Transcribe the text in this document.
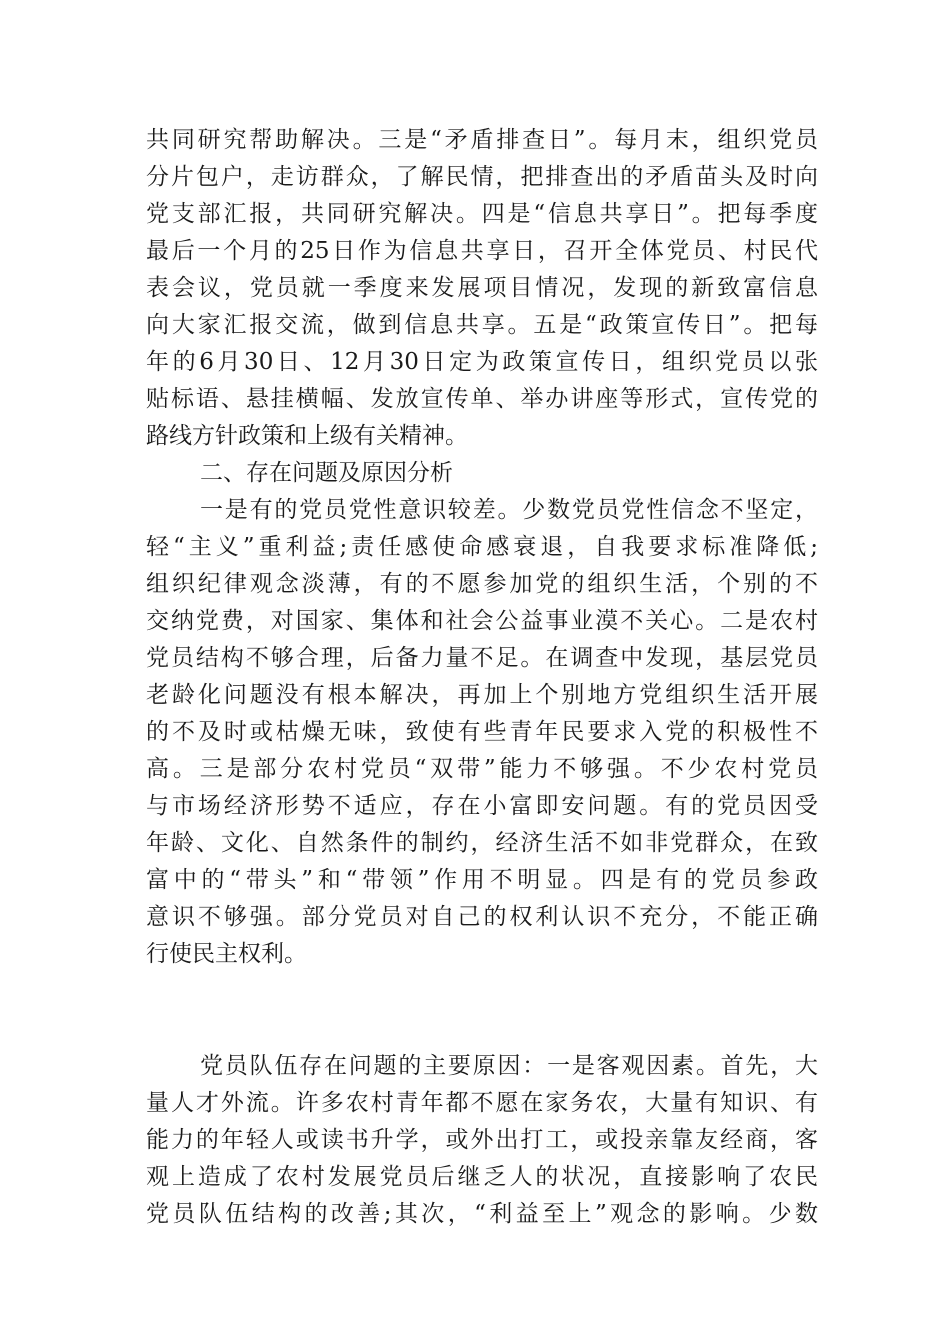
共同研究帮助解决。三是“矛盾排查日”。每月末，组织党员
分片包户，走访群众，了解民情，把排查出的矛盾苗头及时向
党支部汇报，共同研究解决。四是“信息共享日”。把每季度
最后一个月的25日作为信息共享日，召开全体党员、村民代
表会议，党员就一季度来发展项目情况，发现的新致富信息
向大家汇报交流，做到信息共享。五是“政策宣传日”。把每
年的6月30日、12月30日定为政策宣传日，组织党员以张
贴标语、悬挂横幅、发放宣传单、举办讲座等形式，宣传党的
路线方针政策和上级有关精神。
二、存在问题及原因分析
一是有的党员党性意识较差。少数党员党性信念不坚定，
轻“主义”重利益;责任感使命感衰退，自我要求标准降低;
组织纪律观念淡薄，有的不愿参加党的组织生活，个别的不
交纳党费，对国家、集体和社会公益事业漠不关心。二是农村
党员结构不够合理，后备力量不足。在调查中发现，基层党员
老龄化问题没有根本解决，再加上个别地方党组织生活开展
的不及时或枯燥无味，致使有些青年民要求入党的积极性不
高。三是部分农村党员“双带”能力不够强。不少农村党员
与市场经济形势不适应，存在小富即安问题。有的党员因受
年龄、文化、自然条件的制约，经济生活不如非党群众，在致
富中的“带头”和“带领”作用不明显。四是有的党员参政
意识不够强。部分党员对自己的权利认识不充分，不能正确
行使民主权利。
党员队伍存在问题的主要原因：一是客观因素。首先，大
量人才外流。许多农村青年都不愿在家务农，大量有知识、有
能力的年轻人或读书升学，或外出打工，或投亲靠友经商，客
观上造成了农村发展党员后继乏人的状况，直接影响了农民
党员队伍结构的改善;其次，“利益至上”观念的影响。少数
